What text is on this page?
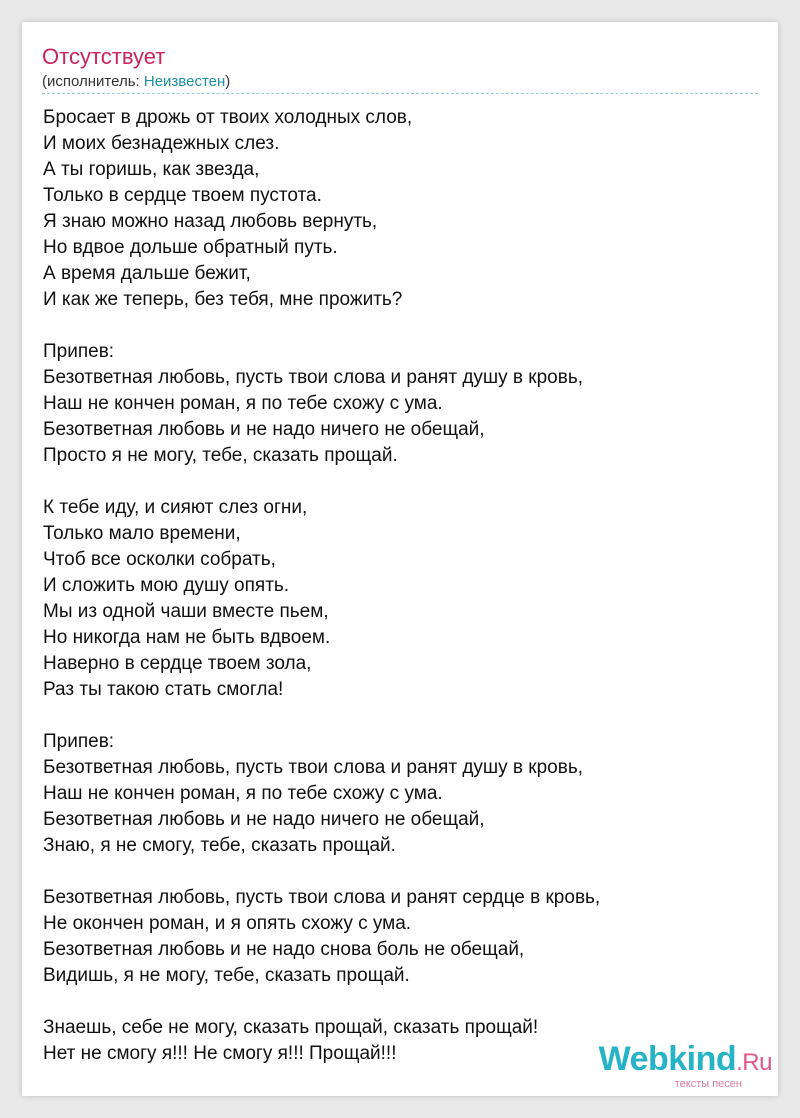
Отсутствует
(исполнитель: Неизвестен)
Бросает в дрожь от твоих холодных слов,
И моих безнадежных слез.
А ты горишь, как звезда,
Только в сердце твоем пустота.
Я знаю можно назад любовь вернуть,
Но вдвое дольше обратный путь.
А время дальше бежит,
И как же теперь, без тебя, мне прожить?
Припев:
Безответная любовь, пусть твои слова и ранят душу в кровь,
Наш не кончен роман, я по тебе схожу с ума.
Безответная любовь и не надо ничего не обещай,
Просто я не могу, тебе, сказать прощай.
К тебе иду, и сияют слез огни,
Только мало времени,
Чтоб все осколки собрать,
И сложить мою душу опять.
Мы из одной чаши вместе пьем,
Но никогда нам не быть вдвоем.
Наверно в сердце твоем зола,
Раз ты такою стать смогла!
Припев:
Безответная любовь, пусть твои слова и ранят душу в кровь,
Наш не кончен роман, я по тебе схожу с ума.
Безответная любовь и не надо ничего не обещай,
Знаю, я не смогу, тебе, сказать прощай.
Безответная любовь, пусть твои слова и ранят сердце в кровь,
Не окончен роман, и я опять схожу с ума.
Безответная любовь и не надо снова боль не обещай,
Видишь, я не могу, тебе, сказать прощай.
Знаешь, себе не могу, сказать прощай, сказать прощай!
Нет не смогу я!!! Не смогу я!!! Прощай!!!	Webkind.Ru
тексты песен
